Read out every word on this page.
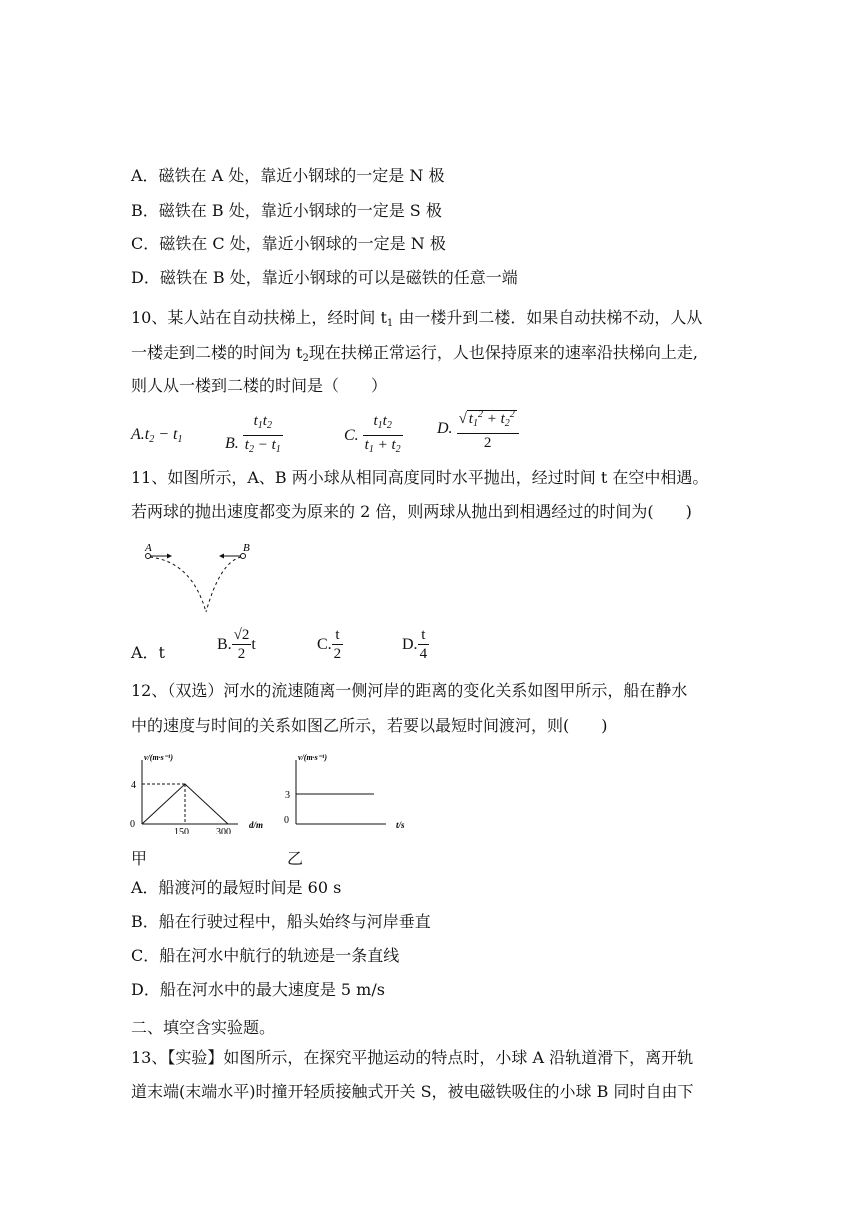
A．磁铁在 A 处，靠近小钢球的一定是 N 极
B．磁铁在 B 处，靠近小钢球的一定是 S 极
C．磁铁在 C 处，靠近小钢球的一定是 N 极
D．磁铁在 B 处，靠近小钢球的可以是磁铁的任意一端
10、某人站在自动扶梯上，经时间 $t_1$ 由一楼升到二楼．如果自动扶梯不动，人从
一楼走到二楼的时间为 $t_2$现在扶梯正常运行，人也保持原来的速率沿扶梯向上走,
则人从一楼到二楼的时间是（　　）
$A.t_2 - t_1$	B. $\frac{t_1t_2}{t_2 - t_1}$	C. $\frac{t_1t_2}{t_1 + t_2} D$. $\frac{√ t_1^2 + t_2^2}{2}$
11、如图所示，A、B 两小球从相同高度同时水平抛出，经过时间 t 在空中相遇。
若两球的抛出速度都变为原来的 2 倍，则两球从抛出到相遇经过的时间为(　　)
A	B
A．t	B. $\frac{√2}{2}$ t	C. $\frac{t}{2}$	D. $\frac{t}{4}$
12、（双选）河水的流速随离一侧河岸的距离的变化关系如图甲所示，船在静水
中的速度与时间的关系如图乙所示，若要以最短时间渡河，则(　　)
v/(m·s⁻¹)
d/m
0
4
150	300
甲
v/(m·s⁻¹)
t/s
0
3
乙
A．船渡河的最短时间是 60 s
B．船在行驶过程中，船头始终与河岸垂直
C．船在河水中航行的轨迹是一条直线
D．船在河水中的最大速度是 5 m/s
二、填空含实验题。
13、【实验】如图所示，在探究平抛运动的特点时，小球 A 沿轨道滑下，离开轨
道末端(末端水平)时撞开轻质接触式开关 S，被电磁铁吸住的小球 B 同时自由下
